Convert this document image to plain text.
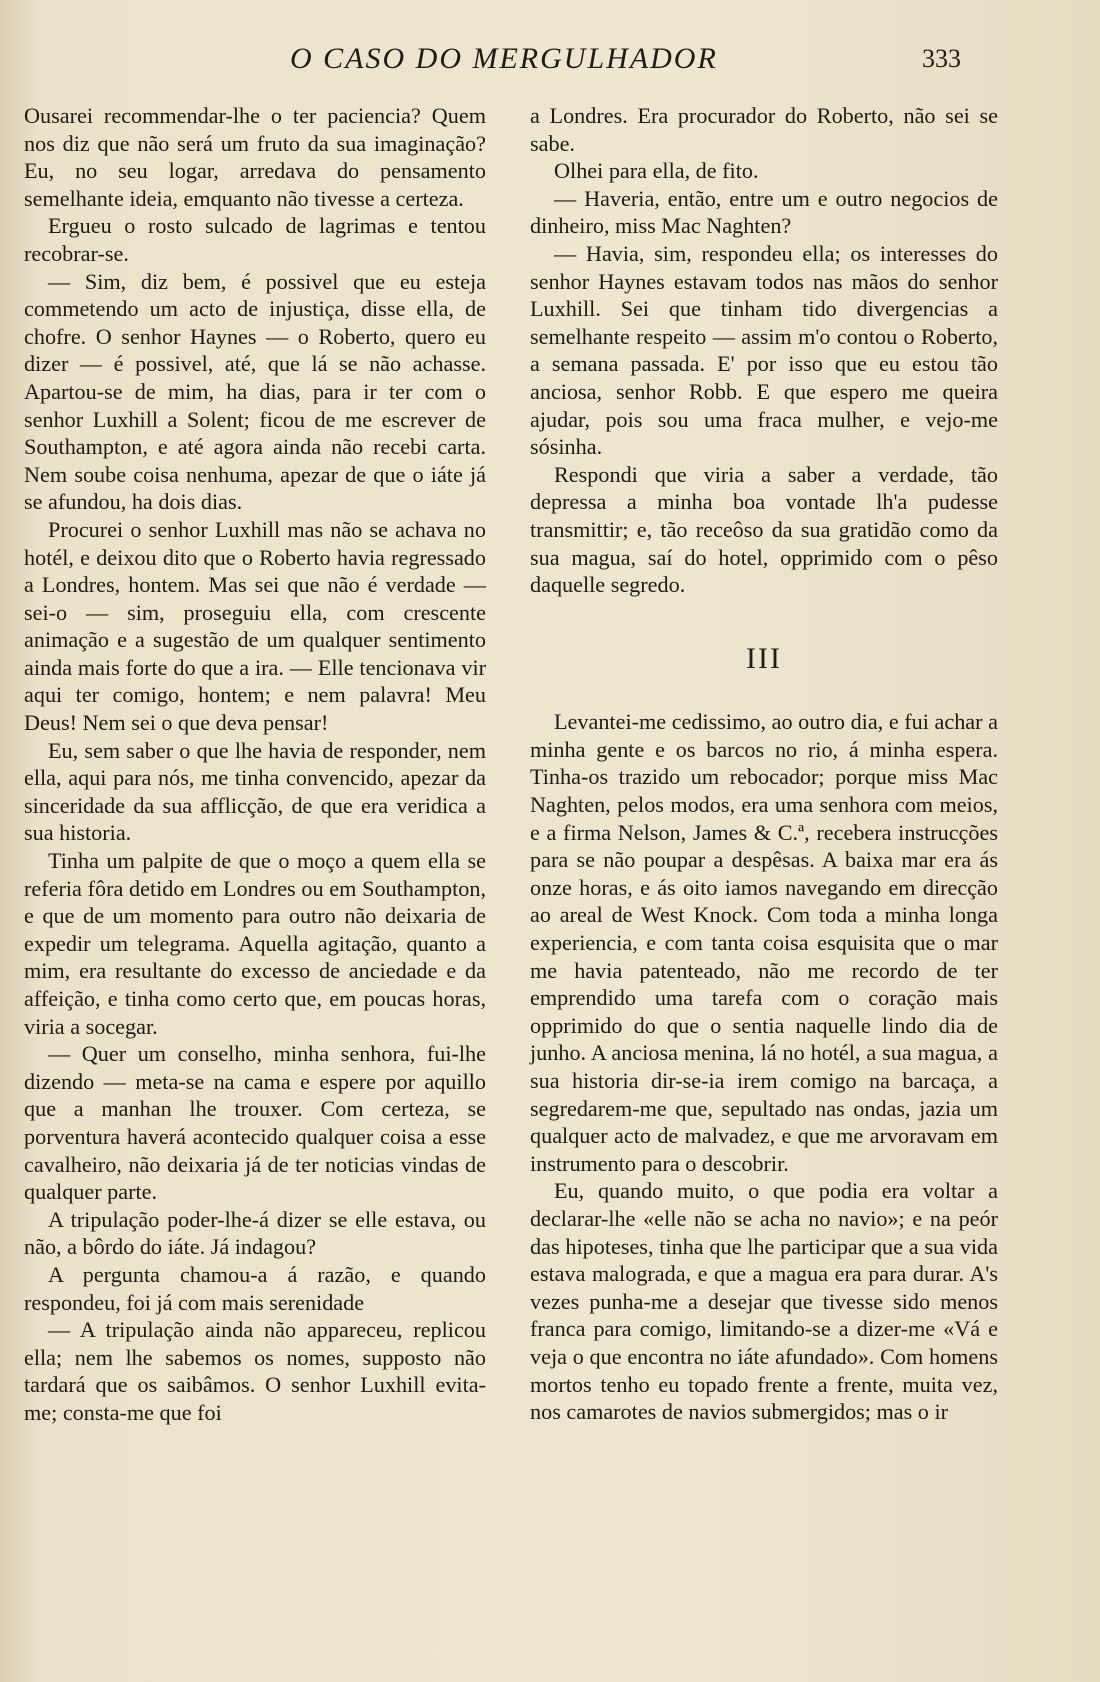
O CASO DO MERGULHADOR	333

Ousarei recommendar-lhe o ter paciencia? Quem nos diz que não será um fruto da sua imaginação? Eu, no seu logar, arredava do pensamento semelhante ideia, emquanto não tivesse a certeza.

Ergueu o rosto sulcado de lagrimas e tentou recobrar-se.

— Sim, diz bem, é possivel que eu esteja commetendo um acto de injustiça, disse ella, de chofre. O senhor Haynes — o Roberto, quero eu dizer — é possivel, até, que lá se não achasse. Apartou-se de mim, ha dias, para ir ter com o senhor Luxhill a Solent; ficou de me escrever de Southampton, e até agora ainda não recebi carta. Nem soube coisa nenhuma, apezar de que o iáte já se afundou, ha dois dias.

Procurei o senhor Luxhill mas não se achava no hotél, e deixou dito que o Roberto havia regressado a Londres, hontem. Mas sei que não é verdade — sei-o — sim, proseguiu ella, com crescente animação e a sugestão de um qualquer sentimento ainda mais forte do que a ira. — Elle tencionava vir aqui ter comigo, hontem; e nem palavra! Meu Deus! Nem sei o que deva pensar!

Eu, sem saber o que lhe havia de responder, nem ella, aqui para nós, me tinha convencido, apezar da sinceridade da sua afflicção, de que era veridica a sua historia.

Tinha um palpite de que o moço a quem ella se referia fôra detido em Londres ou em Southampton, e que de um momento para outro não deixaria de expedir um telegrama. Aquella agitação, quanto a mim, era resultante do excesso de anciedade e da affeição, e tinha como certo que, em poucas horas, viria a socegar.

— Quer um conselho, minha senhora, fui-lhe dizendo — meta-se na cama e espere por aquillo que a manhan lhe trouxer. Com certeza, se porventura haverá acontecido qualquer coisa a esse cavalheiro, não deixaria já de ter noticias vindas de qualquer parte.

A tripulação poder-lhe-á dizer se elle estava, ou não, a bôrdo do iáte. Já indagou?

A pergunta chamou-a á razão, e quando respondeu, foi já com mais serenidade

— A tripulação ainda não appareceu, replicou ella; nem lhe sabemos os nomes, supposto não tardará que os saibâmos. O senhor Luxhill evita-me; consta-me que foi

a Londres. Era procurador do Roberto, não sei se sabe.

Olhei para ella, de fito.

— Haveria, então, entre um e outro negocios de dinheiro, miss Mac Naghten?

— Havia, sim, respondeu ella; os interesses do senhor Haynes estavam todos nas mãos do senhor Luxhill. Sei que tinham tido divergencias a semelhante respeito — assim m'o contou o Roberto, a semana passada. E' por isso que eu estou tão anciosa, senhor Robb. E que espero me queira ajudar, pois sou uma fraca mulher, e vejo-me sósinha.

Respondi que viria a saber a verdade, tão depressa a minha boa vontade lh'a pudesse transmittir; e, tão recеôso da sua gratidão como da sua magua, saí do hotel, opprimido com o pêso daquelle segredo.

III

Levantei-me cedissimo, ao outro dia, e fui achar a minha gente e os barcos no rio, á minha espera. Tinha-os trazido um rebocador; porque miss Mac Naghten, pelos modos, era uma senhora com meios, e a firma Nelson, James & C.ª, recebera instrucções para se não poupar a despêsas. A baixa mar era ás onze horas, e ás oito iamos navegando em direcção ao areal de West Knock. Com toda a minha longa experiencia, e com tanta coisa esquisita que o mar me havia patenteado, não me recordo de ter emprendido uma tarefa com o coração mais opprimido do que o sentia naquelle lindo dia de junho. A anciosa menina, lá no hotél, a sua magua, a sua historia dir-se-ia irem comigo na barcaça, a segredarem-me que, sepultado nas ondas, jazia um qualquer acto de malvadez, e que me arvoravam em instrumento para o descobrir.

Eu, quando muito, o que podia era voltar a declarar-lhe «elle não se acha no navio»; e na peór das hipoteses, tinha que lhe participar que a sua vida estava malograda, e que a magua era para durar. A's vezes punha-me a desejar que tivesse sido menos franca para comigo, limitando-se a dizer-me «Vá e veja o que encontra no iáte afundado». Com homens mortos tenho eu topado frente a frente, muita vez, nos camarotes de navios submergidos; mas o ir
